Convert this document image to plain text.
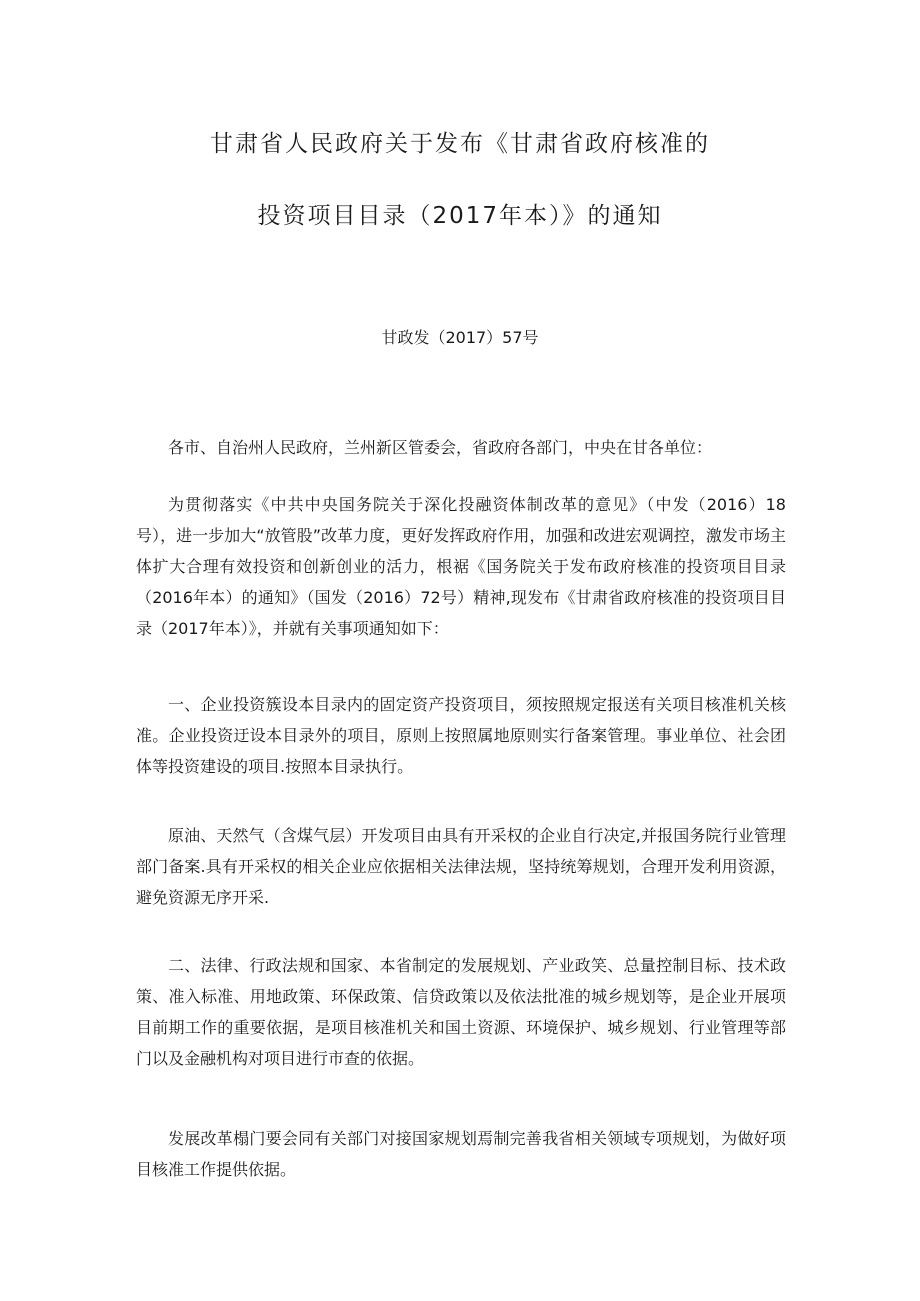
甘肃省人民政府关于发布《甘肃省政府核准的
投资项目目录（2017年本）》的通知
甘政发（2017）57号

各市、自治州人民政府，兰州新区管委会，省政府各部门，中央在甘各单位：

为贯彻落实《中共中央国务院关于深化投融资体制改革的意见》（中发（2016）18号），进一步加大“放管股”改革力度，更好发挥政府作用，加强和改进宏观调控，激发市场主体扩大合理有效投资和创新创业的活力，根裾《国务院关于发布政府核准的投资项目目录（2016年本）的通知》（国发（2016）72号）精神,现发布《甘肃省政府核准的投资项目目录（2017年本）》，并就有关事项通知如下：

一、企业投资簇设本目录内的固定资产投资项目，须按照规定报送有关项目核准机关核准。企业投资迂设本目录外的项目，原则上按照属地原则实行备案管理。事业单位、社会团体等投资建设的项目.按照本目录执行。

原油、天然气（含煤气层）开发项目由具有开采权的企业自行决定,并报国务院行业管理部门备案.具有开采权的相关企业应依据相关法律法规，坚持统筹规划，合理开发利用资源，避免资源无序开采.

二、法律、行政法规和国家、本省制定的发展规划、产业政笑、总量控制目标、技术政策、准入标准、用地政策、环保政策、信贷政策以及依法批准的城乡规划等，是企业开展项目前期工作的重要依据，是项目核准机关和国土资源、环境保护、城乡规划、行业管理等部门以及金融机构对项目进行市查的依据。

发展改革榻门要会同有关部门对接国家规划焉制完善我省相关领域专项规划，为做好项目核准工作提供依据。
